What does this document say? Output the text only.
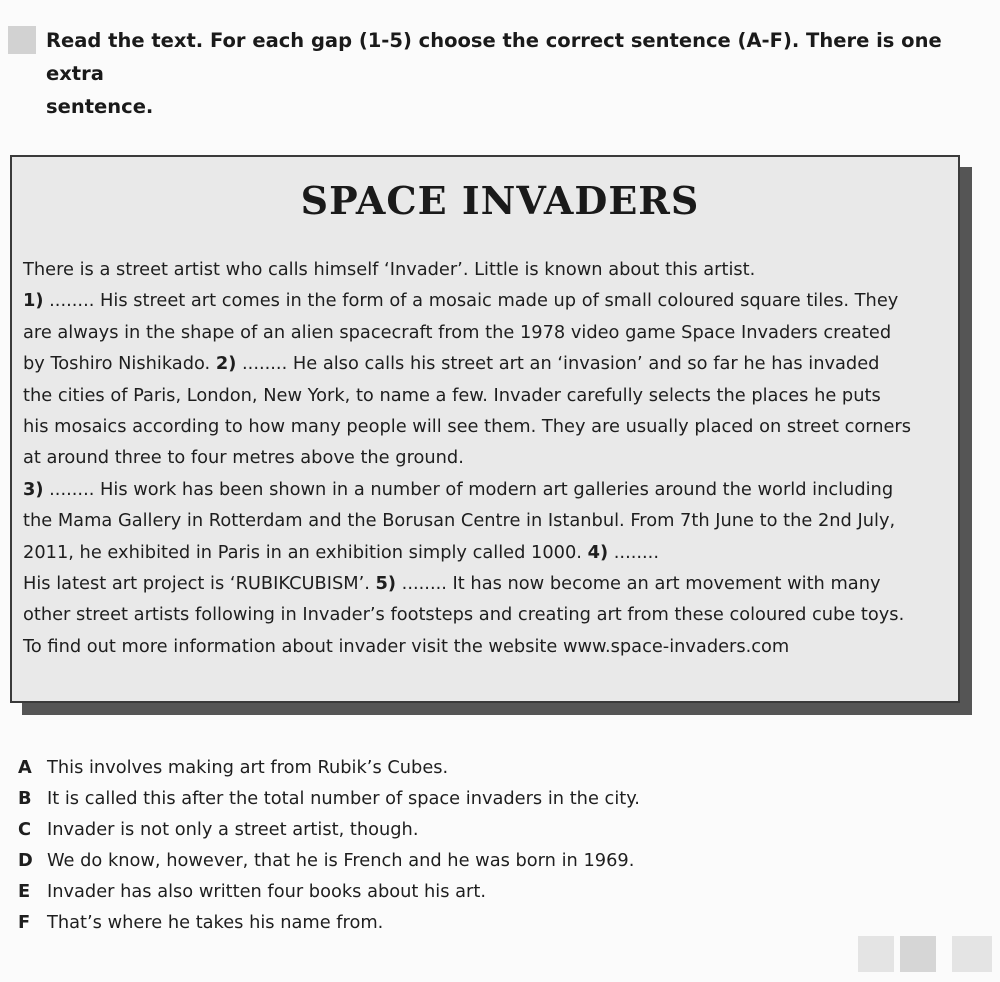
Read the text. For each gap (1-5) choose the correct sentence (A-F). There is one extra
sentence.
SPACE INVADERS
There is a street artist who calls himself ‘Invader’. Little is known about this artist.
1) ........ His street art comes in the form of a mosaic made up of small coloured square tiles. They
are always in the shape of an alien spacecraft from the 1978 video game Space Invaders created
by Toshiro Nishikado. 2) ........ He also calls his street art an ‘invasion’ and so far he has invaded
the cities of Paris, London, New York, to name a few. Invader carefully selects the places he puts
his mosaics according to how many people will see them. They are usually placed on street corners
at around three to four metres above the ground.
3) ........ His work has been shown in a number of modern art galleries around the world including
the Mama Gallery in Rotterdam and the Borusan Centre in Istanbul. From 7th June to the 2nd July,
2011, he exhibited in Paris in an exhibition simply called 1000. 4) ........
His latest art project is ‘RUBIKCUBISM’. 5) ........ It has now become an art movement with many
other street artists following in Invader’s footsteps and creating art from these coloured cube toys.
To find out more information about invader visit the website www.space-invaders.com
A This involves making art from Rubik’s Cubes.
B It is called this after the total number of space invaders in the city.
C Invader is not only a street artist, though.
D We do know, however, that he is French and he was born in 1969.
E Invader has also written four books about his art.
F That’s where he takes his name from.
